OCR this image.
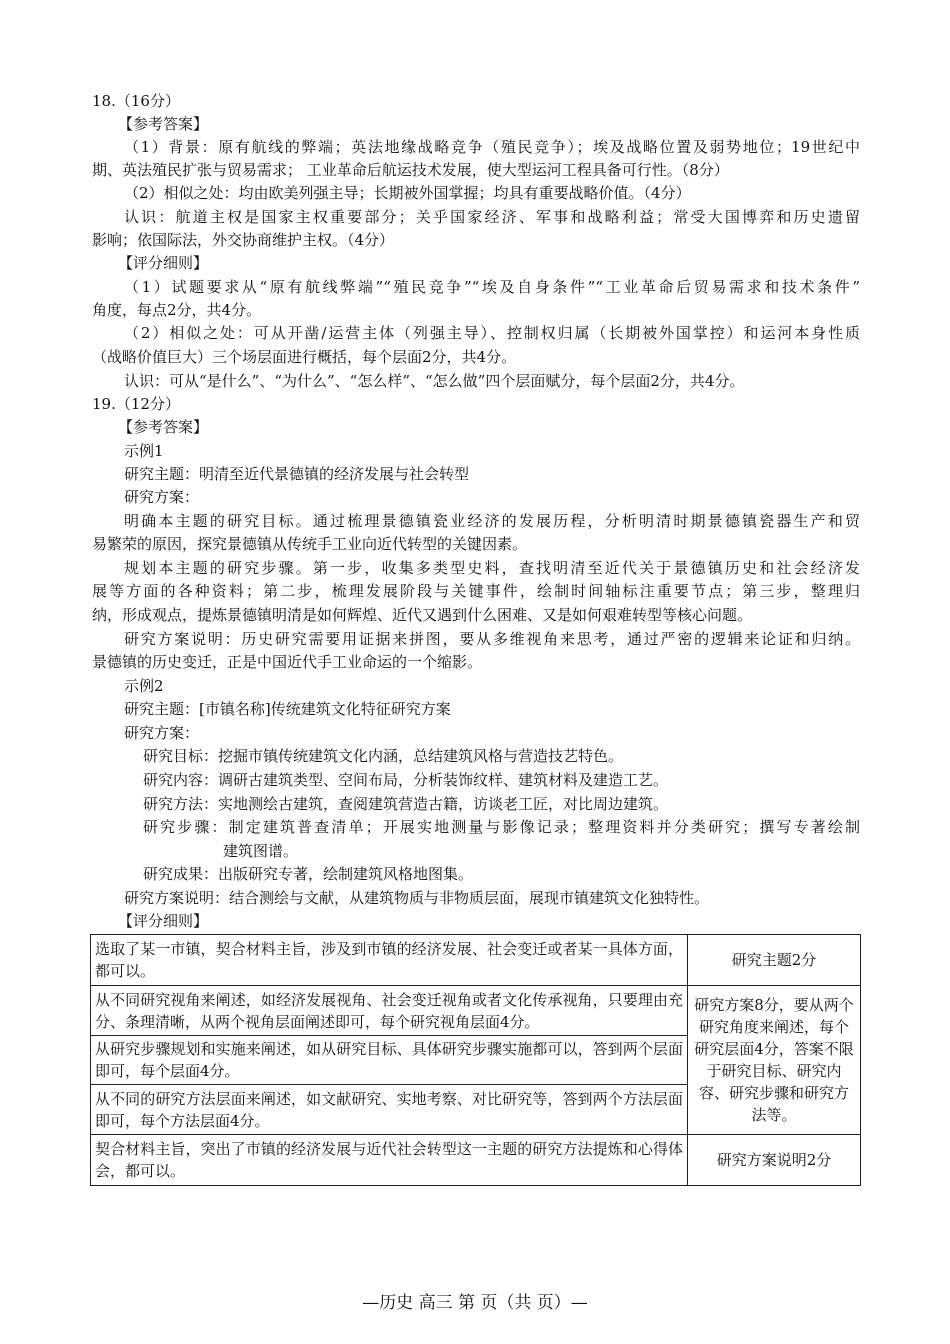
18.（16分）
【参考答案】
（1）背景：原有航线的弊端；英法地缘战略竞争（殖民竞争）；埃及战略位置及弱势地位；19世纪中
期、英法殖民扩张与贸易需求； 工业革命后航运技术发展，使大型运河工程具备可行性。（8分）
（2）相似之处：均由欧美列强主导；长期被外国掌握；均具有重要战略价值。（4分）
认识：航道主权是国家主权重要部分；关乎国家经济、军事和战略利益；常受大国博弈和历史遗留
影响；依国际法，外交协商维护主权。（4分）
【评分细则】
（1）试题要求从“原有航线弊端”“殖民竞争”“埃及自身条件”“工业革命后贸易需求和技术条件”
角度，每点2分，共4分。
（2）相似之处：可从开凿/运营主体（列强主导）、控制权归属（长期被外国掌控）和运河本身性质
（战略价值巨大）三个场层面进行概括，每个层面2分，共4分。
认识：可从“是什么”、“为什么”、“怎么样”、“怎么做”四个层面赋分，每个层面2分，共4分。
19.（12分）
【参考答案】
示例1
研究主题：明清至近代景德镇的经济发展与社会转型
研究方案：
明确本主题的研究目标。通过梳理景德镇瓷业经济的发展历程，分析明清时期景德镇瓷器生产和贸
易繁荣的原因，探究景德镇从传统手工业向近代转型的关键因素。
规划本主题的研究步骤。第一步，收集多类型史料，查找明清至近代关于景德镇历史和社会经济发
展等方面的各种资料；第二步，梳理发展阶段与关键事件，绘制时间轴标注重要节点；第三步，整理归
纳，形成观点，提炼景德镇明清是如何辉煌、近代又遇到什么困难、又是如何艰难转型等核心问题。
研究方案说明：历史研究需要用证据来拼图，要从多维视角来思考，通过严密的逻辑来论证和归纳。
景德镇的历史变迁，正是中国近代手工业命运的一个缩影。
示例2
研究主题：[市镇名称]传统建筑文化特征研究方案
研究方案：
研究目标：挖掘市镇传统建筑文化内涵，总结建筑风格与营造技艺特色。
研究内容：调研古建筑类型、空间布局，分析装饰纹样、建筑材料及建造工艺。
研究方法：实地测绘古建筑，查阅建筑营造古籍，访谈老工匠，对比周边建筑。
研究步骤：制定建筑普查清单；开展实地测量与影像记录；整理资料并分类研究；撰写专著绘制
建筑图谱。
研究成果：出版研究专著，绘制建筑风格地图集。
研究方案说明：结合测绘与文献，从建筑物质与非物质层面，展现市镇建筑文化独特性。
【评分细则】
选取了某一市镇，契合材料主旨，涉及到市镇的经济发展、社会变迁或者某一具体方面，都可以。	研究主题2分
从不同研究视角来阐述，如经济发展视角、社会变迁视角或者文化传承视角，只要理由充分、条理清晰，从两个视角层面阐述即可，每个研究视角层面4分。	研究方案8分，要从两个研究角度来阐述，每个研究层面4分，答案不限于研究目标、研究内容、研究步骤和研究方法等。
从研究步骤规划和实施来阐述，如从研究目标、具体研究步骤实施都可以，答到两个层面即可，每个层面4分。	
从不同的研究方法层面来阐述，如文献研究、实地考察、对比研究等，答到两个方法层面即可，每个方法层面4分。	
契合材料主旨，突出了市镇的经济发展与近代社会转型这一主题的研究方法提炼和心得体会，都可以。	研究方案说明2分
—历史 高三 第 页（共 页）—
